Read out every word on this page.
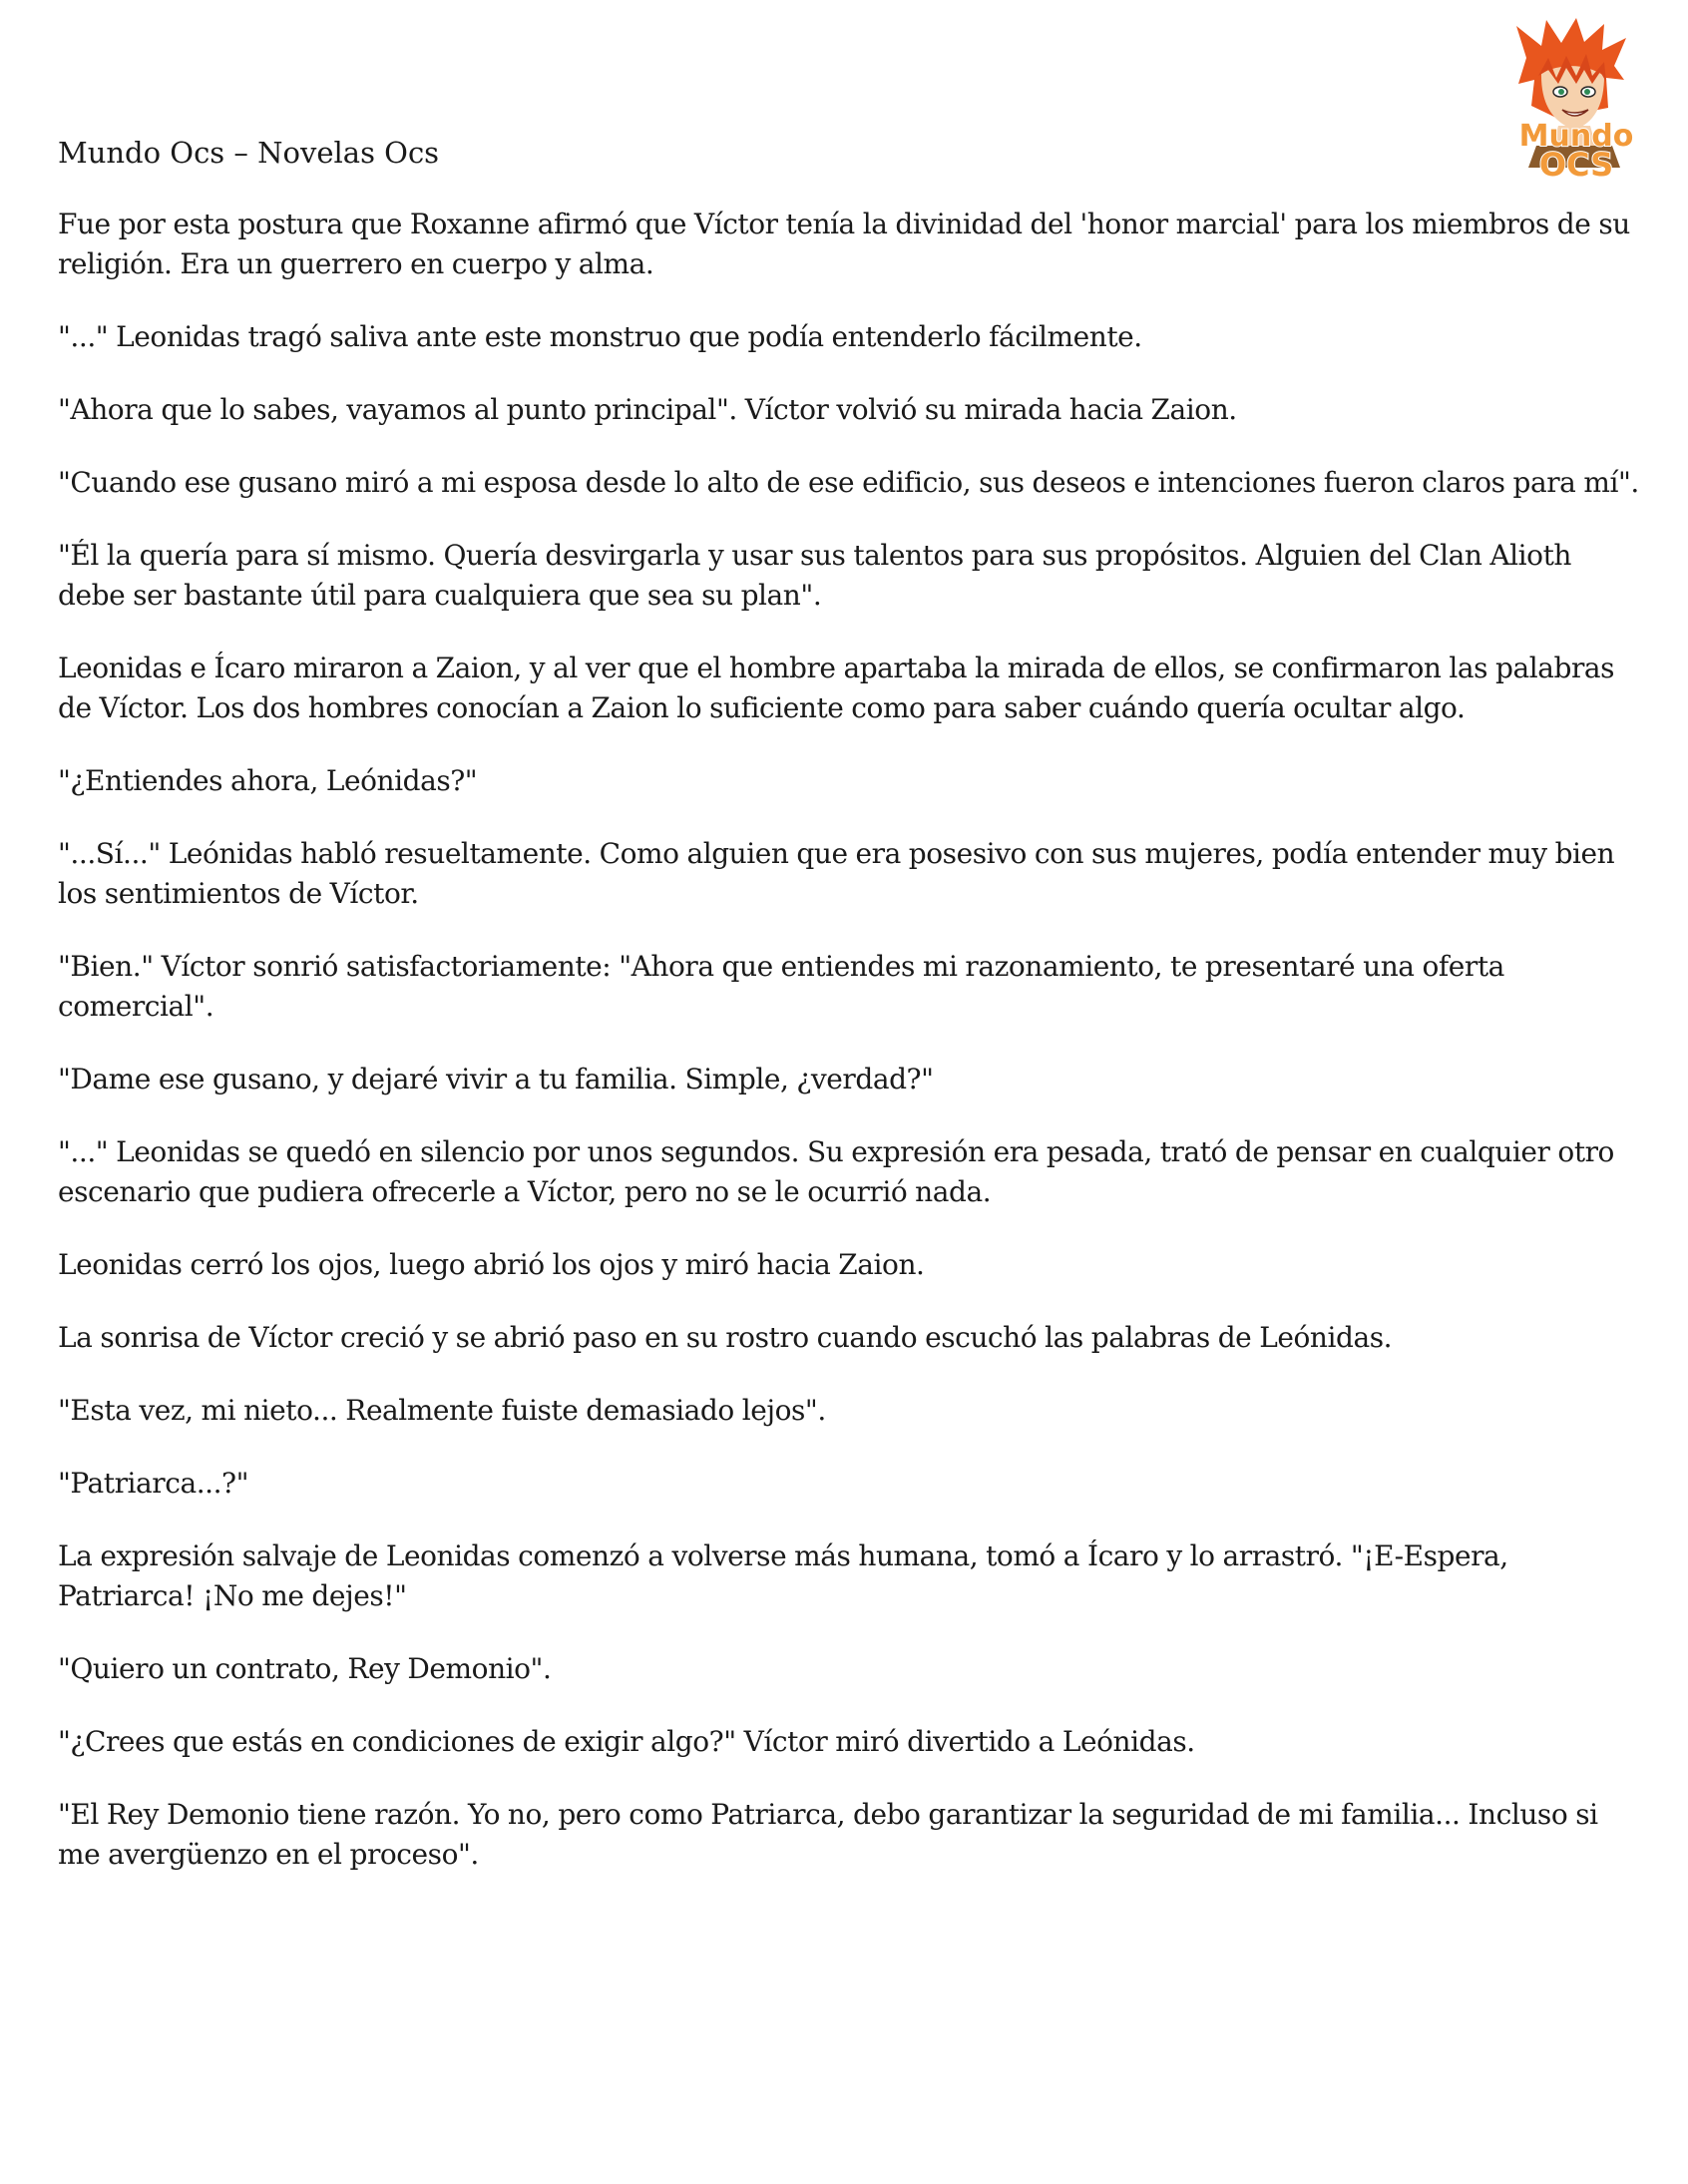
Mundo
OCS
Mundo Ocs – Novelas Ocs

Fue por esta postura que Roxanne afirmó que Víctor tenía la divinidad del 'honor marcial' para los miembros de su religión. Era un guerrero en cuerpo y alma.

"..." Leonidas tragó saliva ante este monstruo que podía entenderlo fácilmente.

"Ahora que lo sabes, vayamos al punto principal". Víctor volvió su mirada hacia Zaion.

"Cuando ese gusano miró a mi esposa desde lo alto de ese edificio, sus deseos e intenciones fueron claros para mí".

"Él la quería para sí mismo. Quería desvirgarla y usar sus talentos para sus propósitos. Alguien del Clan Alioth debe ser bastante útil para cualquiera que sea su plan".

Leonidas e Ícaro miraron a Zaion, y al ver que el hombre apartaba la mirada de ellos, se confirmaron las palabras de Víctor. Los dos hombres conocían a Zaion lo suficiente como para saber cuándo quería ocultar algo.

"¿Entiendes ahora, Leónidas?"

"...Sí..." Leónidas habló resueltamente. Como alguien que era posesivo con sus mujeres, podía entender muy bien los sentimientos de Víctor.

"Bien." Víctor sonrió satisfactoriamente: "Ahora que entiendes mi razonamiento, te presentaré una oferta comercial".

"Dame ese gusano, y dejaré vivir a tu familia. Simple, ¿verdad?"

"..." Leonidas se quedó en silencio por unos segundos. Su expresión era pesada, trató de pensar en cualquier otro escenario que pudiera ofrecerle a Víctor, pero no se le ocurrió nada.

Leonidas cerró los ojos, luego abrió los ojos y miró hacia Zaion.

La sonrisa de Víctor creció y se abrió paso en su rostro cuando escuchó las palabras de Leónidas.

"Esta vez, mi nieto... Realmente fuiste demasiado lejos".

"Patriarca...?"

La expresión salvaje de Leonidas comenzó a volverse más humana, tomó a Ícaro y lo arrastró. "¡E-Espera, Patriarca! ¡No me dejes!"

"Quiero un contrato, Rey Demonio".

"¿Crees que estás en condiciones de exigir algo?" Víctor miró divertido a Leónidas.

"El Rey Demonio tiene razón. Yo no, pero como Patriarca, debo garantizar la seguridad de mi familia... Incluso si me avergüenzo en el proceso".
